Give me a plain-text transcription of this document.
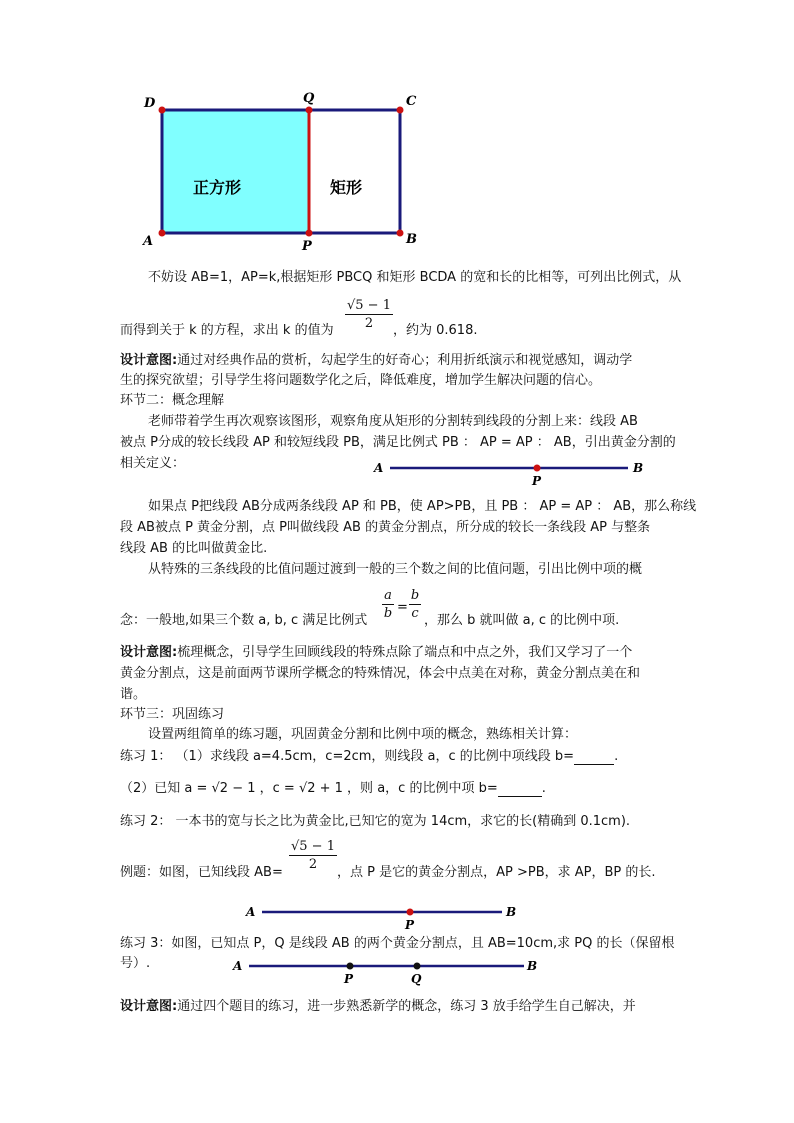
D	Q	C
A	P	B
正方形	矩形
不妨设 AB=1，AP=k,根据矩形 PBCQ 和矩形 BCDA 的宽和长的比相等，可列出比例式，从
而得到关于 k 的方程，求出 k 的值为
√5 − 1
2	，约为 0.618.
设计意图:通过对经典作品的赏析，勾起学生的好奇心；利用折纸演示和视觉感知，调动学
生的探究欲望；引导学生将问题数学化之后，降低难度，增加学生解决问题的信心。
环节二：概念理解
老师带着学生再次观察该图形，观察角度从矩形的分割转到线段的分割上来：线段 AB
被点 P分成的较长线段 AP 和较短线段 PB，满足比例式 PB ： AP = AP ： AB，引出黄金分割的
相关定义：	A
P
B
如果点 P把线段 AB分成两条线段 AP 和 PB，使 AP>PB，且 PB ： AP = AP ： AB，那么称线
段 AB被点 P 黄金分割，点 P叫做线段 AB 的黄金分割点，所分成的较长一条线段 AP 与整条
线段 AB 的比叫做黄金比.
从特殊的三条线段的比值问题过渡到一般的三个数之间的比值问题，引出比例中项的概
念：一般地,如果三个数 a, b, c 满足比例式
a
b =
b
c ，那么 b 就叫做 a, c 的比例中项.
设计意图:梳理概念，引导学生回顾线段的特殊点除了端点和中点之外，我们又学习了一个
黄金分割点，这是前面两节课所学概念的特殊情况，体会中点美在对称，黄金分割点美在和
谐。
环节三：巩固练习
设置两组简单的练习题，巩固黄金分割和比例中项的概念，熟练相关计算：
练习 1： （1）求线段 a=4.5cm，c=2cm，则线段 a，c 的比例中项线段 b=	.
（2）已知 a = √2 − 1 ，c = √2 + 1 ，则 a，c 的比例中项 b=	.
练习 2： 一本书的宽与长之比为黄金比,已知它的宽为 14cm，求它的长(精确到 0.1cm).
例题：如图，已知线段 AB=
√5 − 1
2
，点 P 是它的黄金分割点，AP >PB，求 AP，BP 的长.
A
P
B
练习 3：如图，已知点 P，Q 是线段 AB 的两个黄金分割点，且 AB=10cm,求 PQ 的长（保留根
号）.	A
P	Q
B
设计意图:通过四个题目的练习，进一步熟悉新学的概念，练习 3 放手给学生自己解决，并
